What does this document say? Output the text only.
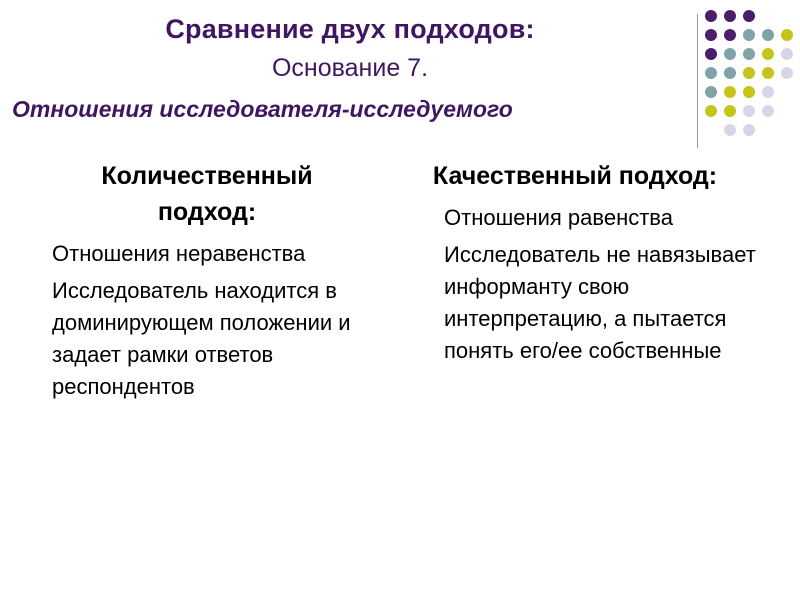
Сравнение двух подходов:
Основание 7.
Отношения исследователя-исследуемого

Количественный подход:

Отношения неравенства

Исследователь находится в доминирующем положении и задает рамки ответов респондентов

Качественный подход:

Отношения равенства

Исследователь не навязывает информанту свою интерпретацию, а пытается понять его/ее собственные
